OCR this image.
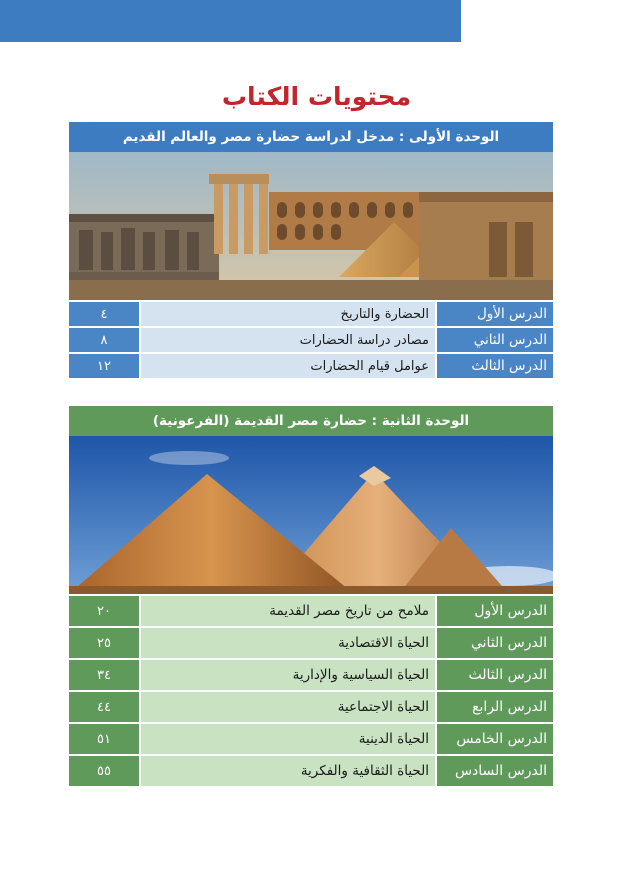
محتويات الكتاب
الوحدة الأولى : مدخل لدراسة حضارة مصر والعالم القديم
الدرس الأول	الحضارة والتاريخ	٤
الدرس الثاني	مصادر دراسة الحضارات	٨
الدرس الثالث	عوامل قيام الحضارات	١٢
الوحدة الثانية : حضارة مصر القديمة (الفرعونية)
الدرس الأول	ملامح من تاريخ مصر القديمة	٢٠
الدرس الثاني	الحياة الاقتصادية	٢٥
الدرس الثالث	الحياة السياسية والإدارية	٣٤
الدرس الرابع	الحياة الاجتماعية	٤٤
الدرس الخامس	الحياة الدينية	٥١
الدرس السادس	الحياة الثقافية والفكرية	٥٥
